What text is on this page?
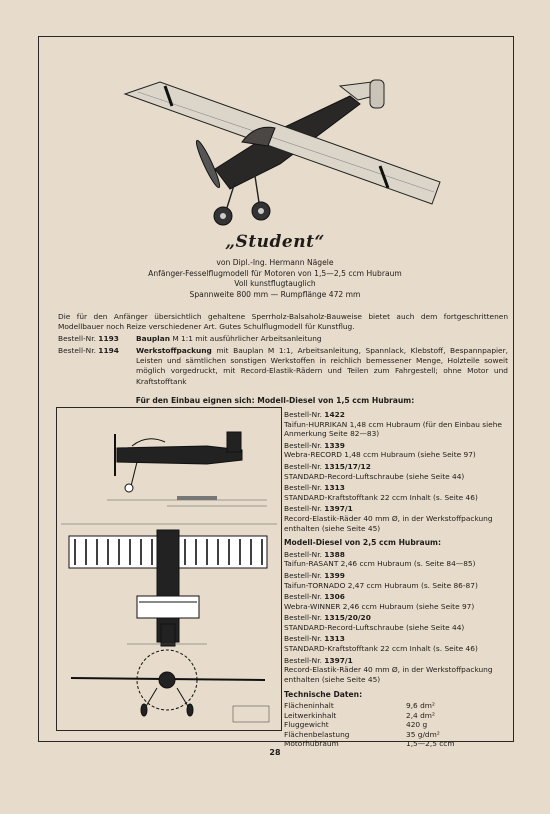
„Student“
von Dipl.-Ing. Hermann Nägele
Anfänger-Fesselflugmodell für Motoren von 1,5—2,5 ccm Hubraum
Voll kunstflugtauglich
Spannweite 800 mm — Rumpflänge 472 mm
Die für den Anfänger übersichtlich gehaltene Sperrholz-Balsaholz-Bauweise bietet auch dem fortgeschrittenen Modellbauer noch Reize verschiedener Art. Gutes Schulflugmodell für Kunstflug.
Bestell-Nr. 1193 Bauplan M 1:1 mit ausführlicher Arbeitsanleitung
Bestell-Nr. 1194 Werkstoffpackung mit Bauplan M 1:1, Arbeitsanleitung, Spannlack, Klebstoff, Bespannpapier, Leisten und sämtlichen sonstigen Werkstoffen in reichlich bemessener Menge, Holzteile soweit möglich vorgedruckt, mit Record-Elastik-Rädern und Teilen zum Fahrgestell; ohne Motor und Kraftstofftank
Für den Einbau eignen sich: Modell-Diesel von 1,5 ccm Hubraum:
Bestell-Nr. 1422
Taifun-HURRIKAN 1,48 ccm Hubraum (für den Einbau siehe Anmerkung Seite 82—83)
Bestell-Nr. 1339
Webra-RECORD 1,48 ccm Hubraum (siehe Seite 97)
Bestell-Nr. 1315/17/12
STANDARD-Record-Luftschraube (siehe Seite 44)
Bestell-Nr. 1313
STANDARD-Kraftstofftank 22 ccm Inhalt (s. Seite 46)
Bestell-Nr. 1397/1
Record-Elastik-Räder 40 mm Ø, in der Werkstoffpackung enthalten (siehe Seite 45)
Modell-Diesel von 2,5 ccm Hubraum:
Bestell-Nr. 1388
Taifun-RASANT 2,46 ccm Hubraum (s. Seite 84—85)
Bestell-Nr. 1399
Taifun-TORNADO 2,47 ccm Hubraum (s. Seite 86-87)
Bestell-Nr. 1306
Webra-WINNER 2,46 ccm Hubraum (siehe Seite 97)
Bestell-Nr. 1315/20/20
STANDARD-Record-Luftschraube (siehe Seite 44)
Bestell-Nr. 1313
STANDARD-Kraftstofftank 22 ccm Inhalt (s. Seite 46)
Bestell-Nr. 1397/1
Record-Elastik-Räder 40 mm Ø, in der Werkstoffpackung enthalten (siehe Seite 45)
Technische Daten:
Flächeninhalt	9,6 dm²
Leitwerkinhalt	2,4 dm²
Fluggewicht	420 g
Flächenbelastung	35 g/dm²
Motorhubraum	1,5—2,5 ccm
28
